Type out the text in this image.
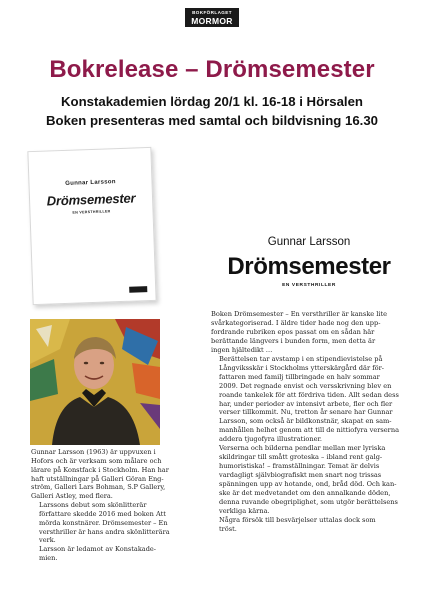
BOKFÖRLAGET
MORMOR
Bokrelease – Drömsemester
Konstakademien lördag 20/1 kl. 16-18 i Hörsalen
Boken presenteras med samtal och bildvisning 16.30
Gunnar Larsson
Drömsemester
EN VERSTHRILLER
Gunnar Larsson
Drömsemester
EN VERSTHRILLER

Gunnar Larsson (1963) är uppvuxen i
Hofors och är verksam som målare och
lärare på Konstfack i Stockholm. Han har
haft utställningar på Galleri Göran Eng-
ström, Galleri Lars Bohman, S.P Gallery,
Galleri Astley, med flera.

Larssons debut som skönlitterär
författare skedde 2016 med boken Att
mörda konstnärer. Drömsemester – En
versthriller är hans andra skönlitterära
verk.

Larsson är ledamot av Konstakade-
mien.

Boken Drömsemester – En versthriller är kanske lite
svårkategoriserad. I äldre tider hade nog den upp-
fordrande rubriken epos passat om en sådan här
berättande längvers i bunden form, men detta är
ingen hjältedikt …

Berättelsen tar avstamp i en stipendievistelse på
Långviksskär i Stockholms ytterskärgård där för-
fattaren med familj tillbringade en halv sommar
2009. Det regnade envist och versskrivning blev en
roande tankelek för att fördriva tiden. Allt sedan dess
har, under perioder av intensivt arbete, fler och fler
verser tillkommit. Nu, tretton år senare har Gunnar
Larsson, som också är bildkonstnär, skapat en sam-
manhållen helhet genom att till de nittiofyra verserna
addera tjugofyra illustrationer.

Verserna och bilderna pendlar mellan mer lyriska
skildringar till smått groteska – ibland rent galg-
humoristiska! – framställningar. Temat är delvis
vardagligt självbiografiskt men snart nog trissas
spänningen upp av hotande, ond, bråd död. Och kan-
ske är det medvetandet om den annalkande döden,
denna ruvande obegriplighet, som utgör berättelsens
verkliga kärna.

Några försök till besvärjelser uttalas dock som
tröst.
